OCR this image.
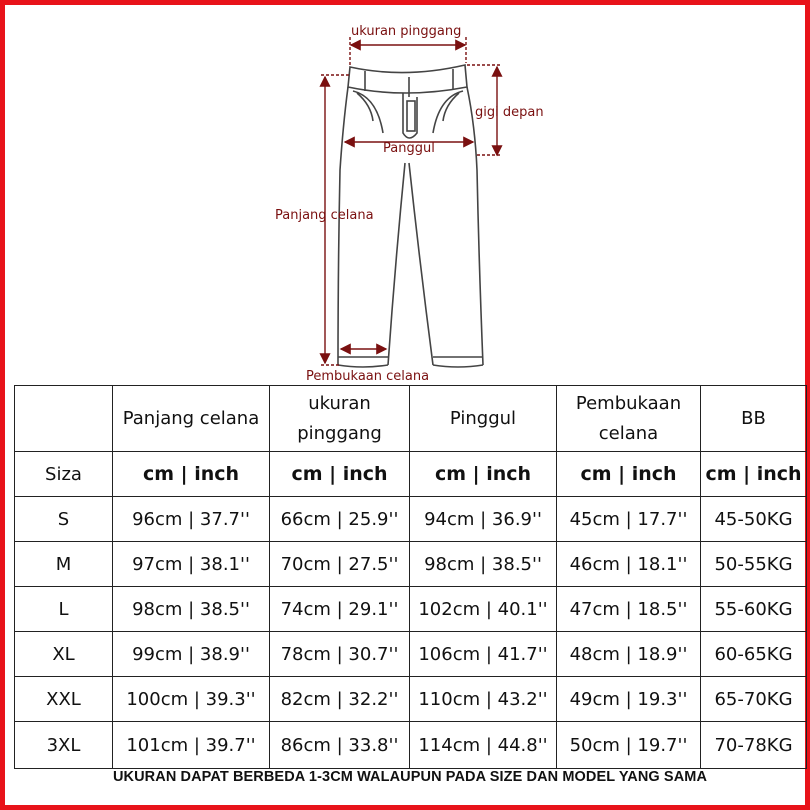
ukuran pinggang
gigi depan
Panggul
Panjang celana
Pembukaan celana
	Panjang celana	ukuran pinggang	Pinggul	Pembukaan celana	BB
Siza	cm | inch	cm | inch	cm | inch	cm | inch	cm | inch
S	96cm | 37.7''	66cm | 25.9''	94cm | 36.9''	45cm | 17.7''	45-50KG
M	97cm | 38.1''	70cm | 27.5''	98cm | 38.5''	46cm | 18.1''	50-55KG
L	98cm | 38.5''	74cm | 29.1''	102cm | 40.1''	47cm | 18.5''	55-60KG
XL	99cm | 38.9''	78cm | 30.7''	106cm | 41.7''	48cm | 18.9''	60-65KG
XXL	100cm | 39.3''	82cm | 32.2''	110cm | 43.2''	49cm | 19.3''	65-70KG
3XL	101cm | 39.7''	86cm | 33.8''	114cm | 44.8''	50cm | 19.7''	70-78KG
UKURAN DAPAT BERBEDA 1-3CM WALAUPUN PADA SIZE DAN MODEL YANG SAMA
